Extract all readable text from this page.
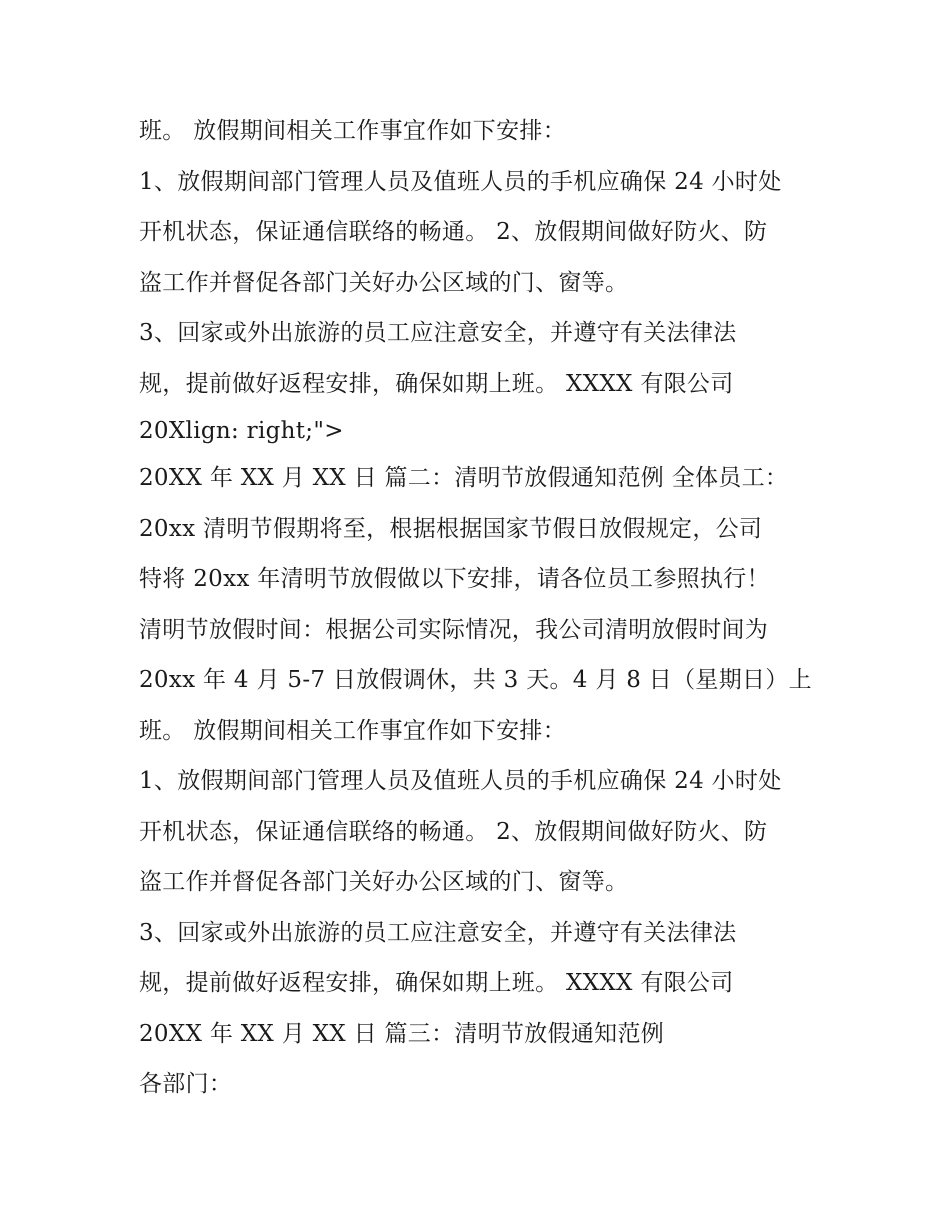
班。 放假期间相关工作事宜作如下安排：
1、放假期间部门管理人员及值班人员的手机应确保 24 小时处
开机状态，保证通信联络的畅通。 2、放假期间做好防火、防
盗工作并督促各部门关好办公区域的门、窗等。
3、回家或外出旅游的员工应注意安全，并遵守有关法律法
规，提前做好返程安排，确保如期上班。 XXXX 有限公司
20Xlign: right;">
20XX 年 XX 月 XX 日 篇二：清明节放假通知范例 全体员工：
20xx 清明节假期将至，根据根据国家节假日放假规定，公司
特将 20xx 年清明节放假做以下安排，请各位员工参照执行！
清明节放假时间：根据公司实际情况，我公司清明放假时间为
20xx 年 4 月 5-7 日放假调休，共 3 天。4 月 8 日（星期日）上
班。 放假期间相关工作事宜作如下安排：
1、放假期间部门管理人员及值班人员的手机应确保 24 小时处
开机状态，保证通信联络的畅通。 2、放假期间做好防火、防
盗工作并督促各部门关好办公区域的门、窗等。
3、回家或外出旅游的员工应注意安全，并遵守有关法律法
规，提前做好返程安排，确保如期上班。 XXXX 有限公司
20XX 年 XX 月 XX 日 篇三：清明节放假通知范例
各部门：
